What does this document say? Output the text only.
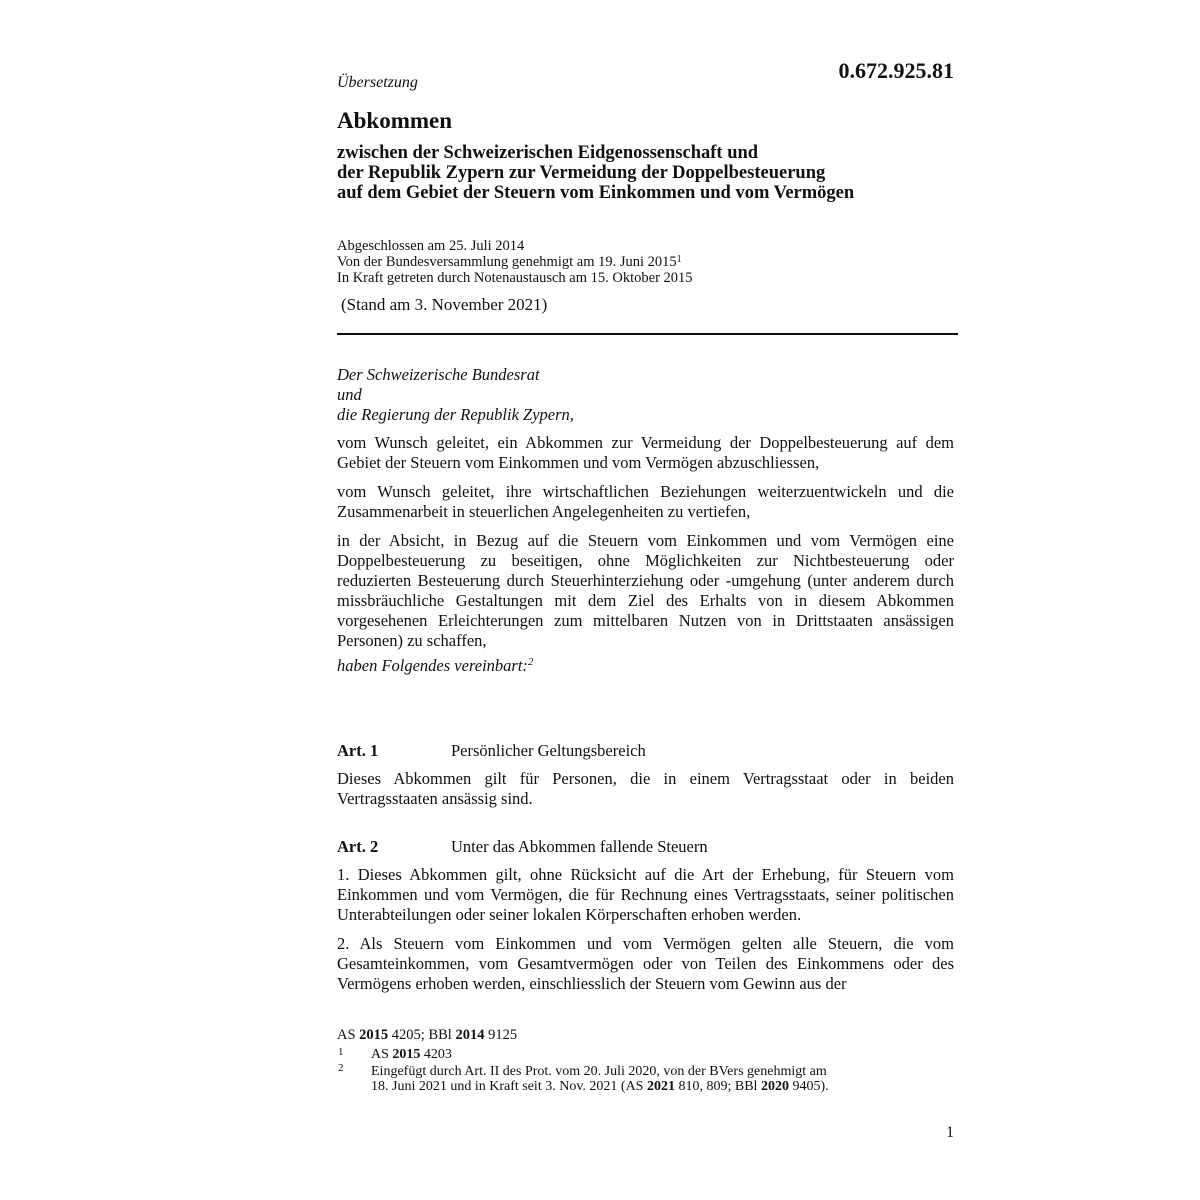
0.672.925.81
Übersetzung
Abkommen
zwischen der Schweizerischen Eidgenossenschaft und
der Republik Zypern zur Vermeidung der Doppelbesteuerung
auf dem Gebiet der Steuern vom Einkommen und vom Vermögen
Abgeschlossen am 25. Juli 2014
Von der Bundesversammlung genehmigt am 19. Juni 2015$^1$
In Kraft getreten durch Notenaustausch am 15. Oktober 2015
(Stand am 3. November 2021)
Der Schweizerische Bundesrat
und
die Regierung der Republik Zypern,
vom Wunsch geleitet, ein Abkommen zur Vermeidung der Doppelbesteuerung auf dem Gebiet der Steuern vom Einkommen und vom Vermögen abzuschliessen,
vom Wunsch geleitet, ihre wirtschaftlichen Beziehungen weiterzuentwickeln und die Zusammenarbeit in steuerlichen Angelegenheiten zu vertiefen,
in der Absicht, in Bezug auf die Steuern vom Einkommen und vom Vermögen eine Doppelbesteuerung zu beseitigen, ohne Möglichkeiten zur Nichtbesteuerung oder reduzierten Besteuerung durch Steuerhinterziehung oder -umgehung (unter anderem durch missbräuchliche Gestaltungen mit dem Ziel des Erhalts von in diesem Abkommen vorgesehenen Erleichterungen zum mittelbaren Nutzen von in Drittstaaten ansässigen Personen) zu schaffen,
haben Folgendes vereinbart:$^2$
Art. 1	Persönlicher Geltungsbereich
Dieses Abkommen gilt für Personen, die in einem Vertragsstaat oder in beiden Vertragsstaaten ansässig sind.
Art. 2	Unter das Abkommen fallende Steuern
1. Dieses Abkommen gilt, ohne Rücksicht auf die Art der Erhebung, für Steuern vom Einkommen und vom Vermögen, die für Rechnung eines Vertragsstaats, seiner politischen Unterabteilungen oder seiner lokalen Körperschaften erhoben werden.
2. Als Steuern vom Einkommen und vom Vermögen gelten alle Steuern, die vom Gesamteinkommen, vom Gesamtvermögen oder von Teilen des Einkommens oder des Vermögens erhoben werden, einschliesslich der Steuern vom Gewinn aus der
AS 2015 4205; BBl 2014 9125
1 AS 2015 4203
2 Eingefügt durch Art. II des Prot. vom 20. Juli 2020, von der BVers genehmigt am
18. Juni 2021 und in Kraft seit 3. Nov. 2021 (AS 2021 810, 809; BBl 2020 9405).
1
